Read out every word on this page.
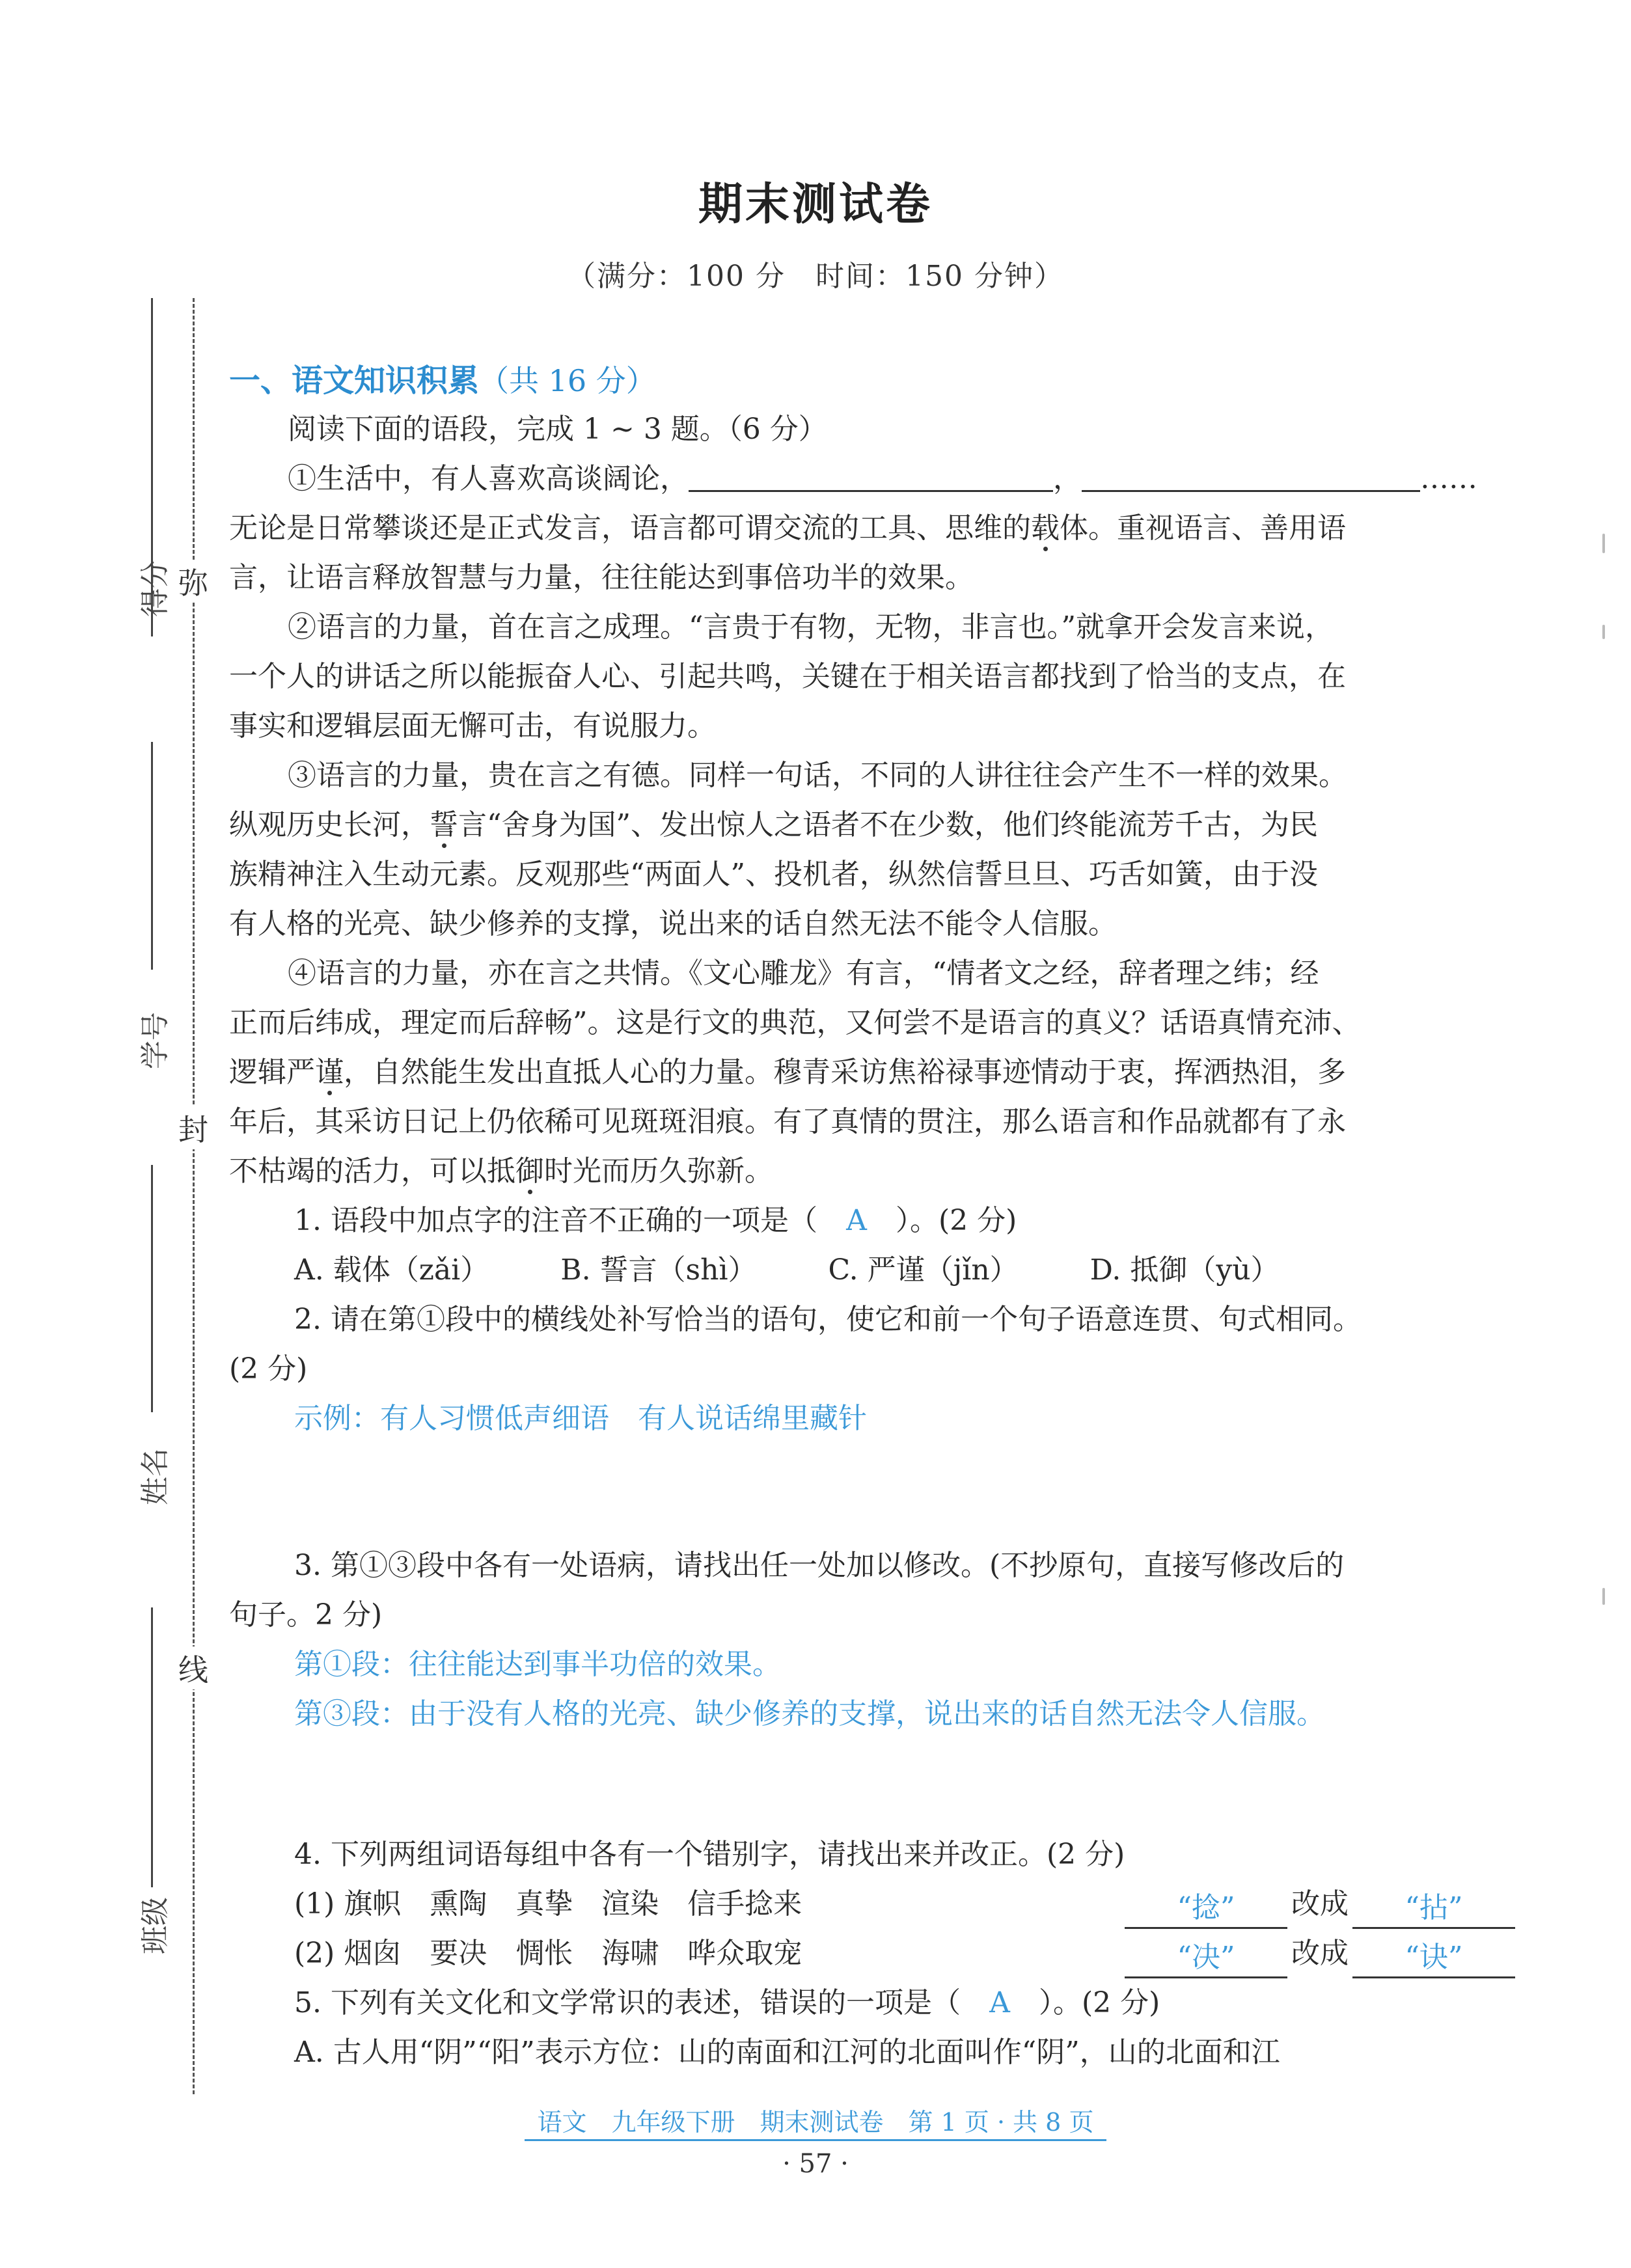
期末测试卷
（满分：100 分　时间：150 分钟）
得分
学号
姓名
班级
弥
封
线
一、语文知识积累（共 16 分）
阅读下面的语段，完成 1 ~ 3 题。（6 分）
①生活中，有人喜欢高谈阔论，	，	……
无论是日常攀谈还是正式发言，语言都可谓交流的工具、思维的载体。重视语言、善用语
言，让语言释放智慧与力量，往往能达到事倍功半的效果。
②语言的力量，首在言之成理。“言贵于有物，无物，非言也。”就拿开会发言来说，
一个人的讲话之所以能振奋人心、引起共鸣，关键在于相关语言都找到了恰当的支点，在
事实和逻辑层面无懈可击，有说服力。
③语言的力量，贵在言之有德。同样一句话，不同的人讲往往会产生不一样的效果。
纵观历史长河，誓言“舍身为国”、发出惊人之语者不在少数，他们终能流芳千古，为民
族精神注入生动元素。反观那些“两面人”、投机者，纵然信誓旦旦、巧舌如簧，由于没
有人格的光亮、缺少修养的支撑，说出来的话自然无法不能令人信服。
④语言的力量，亦在言之共情。《文心雕龙》有言，“情者文之经，辞者理之纬；经
正而后纬成，理定而后辞畅”。这是行文的典范，又何尝不是语言的真义？话语真情充沛、
逻辑严谨，自然能生发出直抵人心的力量。穆青采访焦裕禄事迹情动于衷，挥洒热泪，多
年后，其采访日记上仍依稀可见斑斑泪痕。有了真情的贯注，那么语言和作品就都有了永
不枯竭的活力，可以抵御时光而历久弥新。
1. 语段中加点字的注音不正确的一项是（ A ）。(2 分)
A. 载体（zǎi）	B. 誓言（shì）	C. 严谨（jǐn）	D. 抵御（yù）
2. 请在第①段中的横线处补写恰当的语句，使它和前一个句子语意连贯、句式相同。
(2 分)
示例：有人习惯低声细语　有人说话绵里藏针
3. 第①③段中各有一处语病，请找出任一处加以修改。(不抄原句，直接写修改后的
句子。2 分)
第①段：往往能达到事半功倍的效果。
第③段：由于没有人格的光亮、缺少修养的支撑，说出来的话自然无法令人信服。
4. 下列两组词语每组中各有一个错别字，请找出来并改正。(2 分)
(1) 旗帜　熏陶　真挚　渲染　信手捻来	“捻”	改成	“拈”
(2) 烟囱　要决　惆怅　海啸　哗众取宠	“决”	改成	“诀”
5. 下列有关文化和文学常识的表述，错误的一项是（ A ）。(2 分)
A. 古人用“阴”“阳”表示方位：山的南面和江河的北面叫作“阴”，山的北面和江
语文　九年级下册　期末测试卷　第 1 页 · 共 8 页
· 57 ·
